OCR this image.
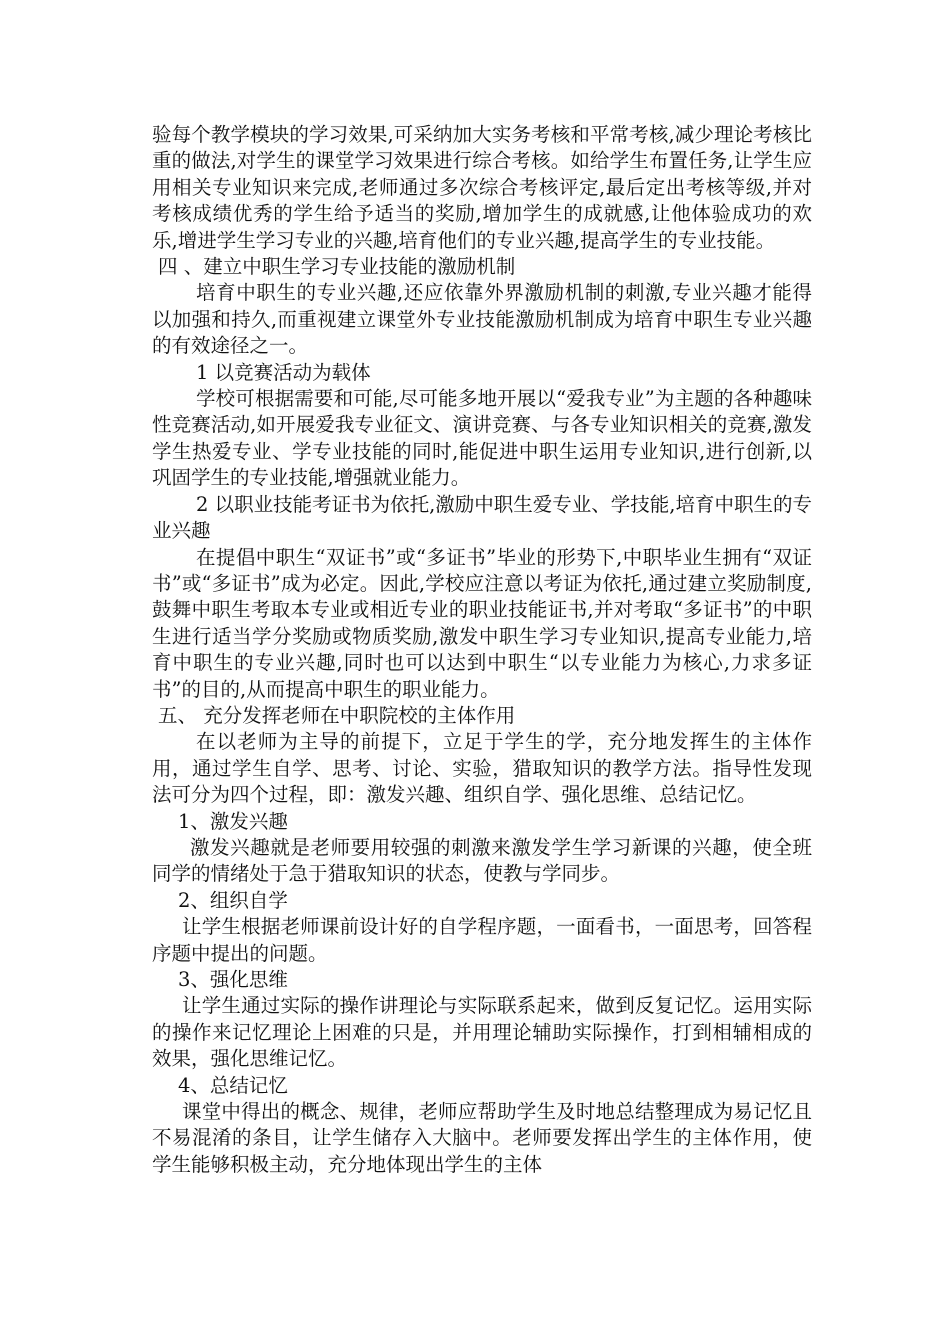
验每个教学模块的学习效果,可采纳加大实务考核和平常考核,减少理论考核比重的做法,对学生的课堂学习效果进行综合考核。如给学生布置任务,让学生应用相关专业知识来完成,老师通过多次综合考核评定,最后定出考核等级,并对考核成绩优秀的学生给予适当的奖励,增加学生的成就感,让他体验成功的欢乐,增进学生学习专业的兴趣,培育他们的专业兴趣,提高学生的专业技能。
四 、建立中职生学习专业技能的激励机制
培育中职生的专业兴趣,还应依靠外界激励机制的刺激,专业兴趣才能得以加强和持久,而重视建立课堂外专业技能激励机制成为培育中职生专业兴趣的有效途径之一。
1 以竞赛活动为载体
学校可根据需要和可能,尽可能多地开展以“爱我专业”为主题的各种趣味性竞赛活动,如开展爱我专业征文、演讲竞赛、与各专业知识相关的竞赛,激发学生热爱专业、学专业技能的同时,能促进中职生运用专业知识,进行创新,以巩固学生的专业技能,增强就业能力。
2 以职业技能考证书为依托,激励中职生爱专业、学技能,培育中职生的专业兴趣
在提倡中职生“双证书”或“多证书”毕业的形势下,中职毕业生拥有“双证书”或“多证书”成为必定。因此,学校应注意以考证为依托,通过建立奖励制度,鼓舞中职生考取本专业或相近专业的职业技能证书,并对考取“多证书”的中职生进行适当学分奖励或物质奖励,激发中职生学习专业知识,提高专业能力,培育中职生的专业兴趣,同时也可以达到中职生“以专业能力为核心,力求多证书”的目的,从而提高中职生的职业能力。
五、 充分发挥老师在中职院校的主体作用
在以老师为主导的前提下，立足于学生的学，充分地发挥生的主体作用，通过学生自学、思考、讨论、实验，猎取知识的教学方法。指导性发现法可分为四个过程，即：激发兴趣、组织自学、强化思维、总结记忆。
1、激发兴趣
激发兴趣就是老师要用较强的刺激来激发学生学习新课的兴趣，使全班同学的情绪处于急于猎取知识的状态，使教与学同步。
2、组织自学
让学生根据老师课前设计好的自学程序题，一面看书，一面思考，回答程序题中提出的问题。
3、强化思维
让学生通过实际的操作讲理论与实际联系起来，做到反复记忆。运用实际的操作来记忆理论上困难的只是，并用理论辅助实际操作，打到相辅相成的效果，强化思维记忆。
4、总结记忆
课堂中得出的概念、规律，老师应帮助学生及时地总结整理成为易记忆且不易混淆的条目，让学生储存入大脑中。老师要发挥出学生的主体作用，使学生能够积极主动，充分地体现出学生的主体
